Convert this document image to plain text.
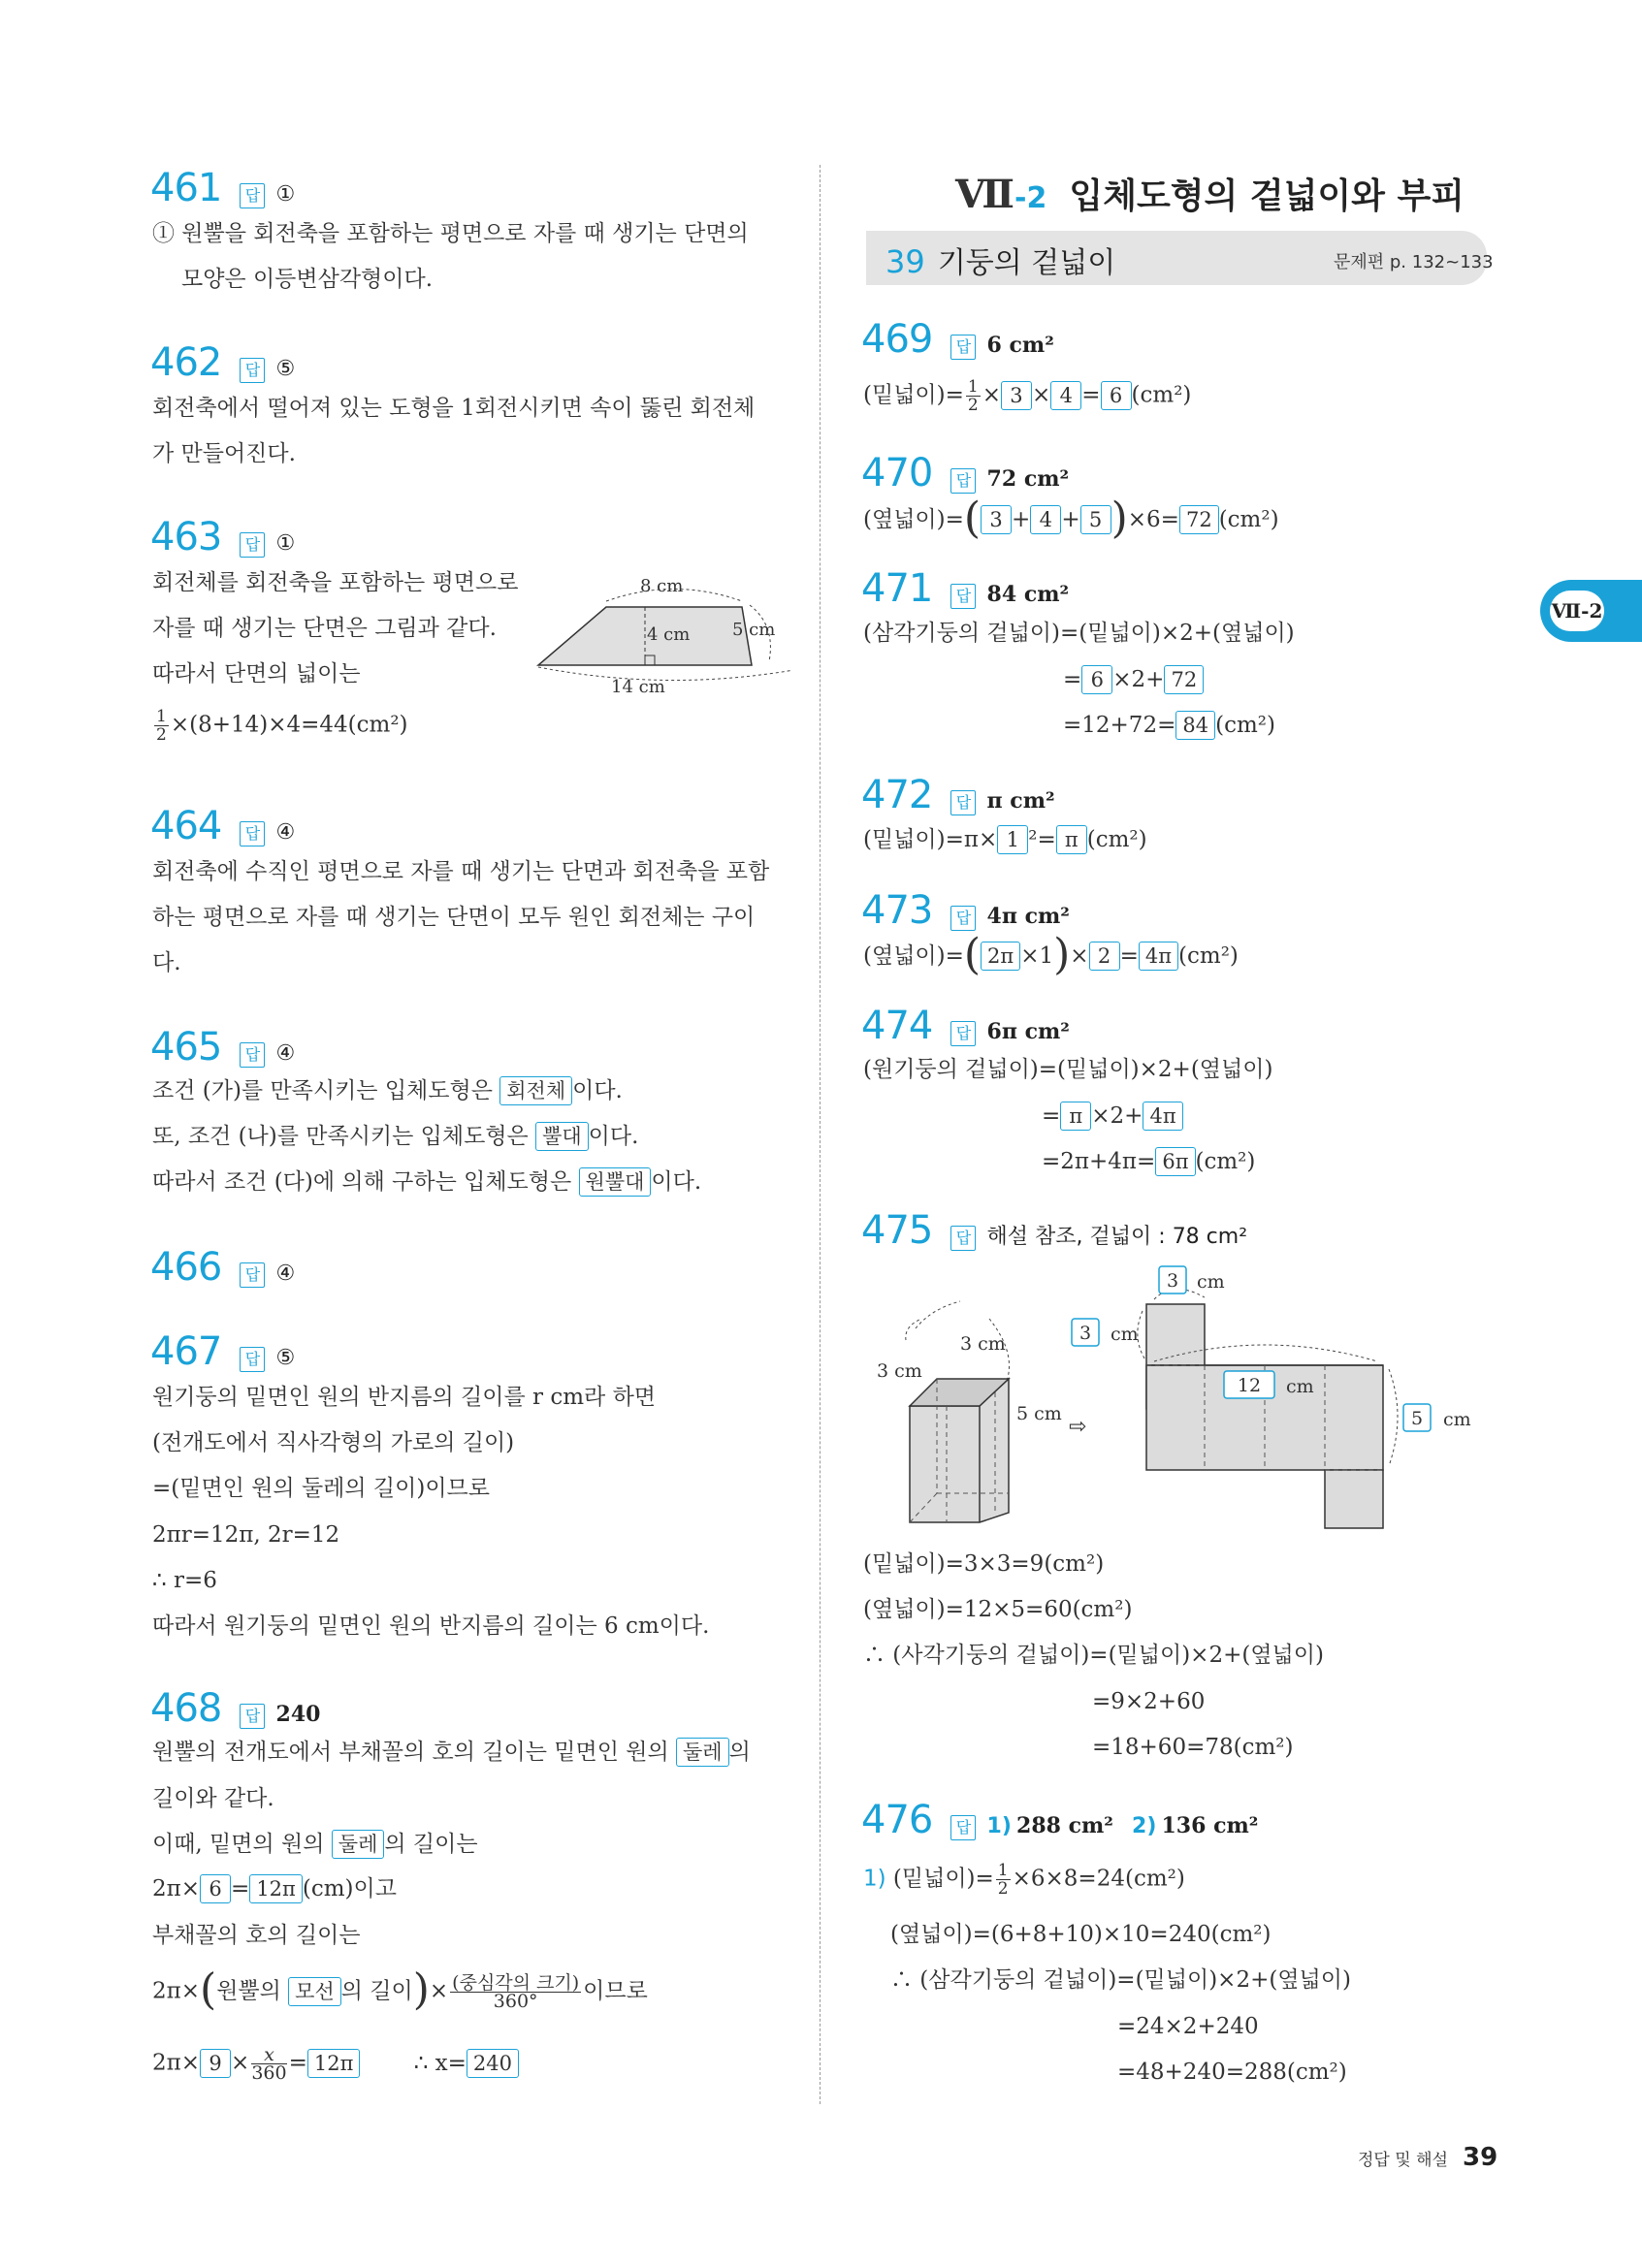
461 답 ①
① 원뿔을 회전축을 포함하는 평면으로 자를 때 생기는 단면의
모양은 이등변삼각형이다.
462 답 ⑤
회전축에서 떨어져 있는 도형을 1회전시키면 속이 뚫린 회전체
가 만들어진다.
463 답 ①
회전체를 회전축을 포함하는 평면으로
자를 때 생기는 단면은 그림과 같다.
따라서 단면의 넓이는
$\frac{1}{2} \times(8+14)\times 4=44(cm^2)$
8 cm
4 cm 5 cm
14 cm
464 답 ④
회전축에 수직인 평면으로 자를 때 생기는 단면과 회전축을 포함
하는 평면으로 자를 때 생기는 단면이 모두 원인 회전체는 구이
다.
465 답 ④
조건 (가)를 만족시키는 입체도형은 회전체 이다.
또, 조건 (나)를 만족시키는 입체도형은 뿔대 이다.
따라서 조건 (다)에 의해 구하는 입체도형은 원뿔대 이다.
466 답 ④
467 답 ⑤
원기둥의 밑면인 원의 반지름의 길이를 r cm라 하면
(전개도에서 직사각형의 가로의 길이)
=(밑면인 원의 둘레의 길이)이므로
2πr=12π, 2r=12
∴ r=6
따라서 원기둥의 밑면인 원의 반지름의 길이는 6 cm이다.
468 답 240
원뿔의 전개도에서 부채꼴의 호의 길이는 밑면인 원의 둘레 의
길이와 같다.
이때, 밑면의 원의 둘레 의 길이는
2π× 6 = 12π (cm)이고
부채꼴의 호의 길이는
2π×(원뿔의 모선 의 길이)× $\frac{\text{(중심각의 크기)}}{360^\circ}$ 이므로
$2\pi\times 9 \times \frac{x}{360} = 12\pi$	∴ x= 240
Ⅶ-2 입체도형의 겉넓이와 부피
39 기둥의 겉넓이	문제편 p. 132~133
Ⅶ-2
469 답 6 cm²
(밑넓이)= $\frac{1}{2} \times 3 \times 4 = 6$ (cm²)
470 답 72 cm²
(옆넓이)=( 3 + 4 + 5 )×6= 72 (cm²)
471 답 84 cm²
(삼각기둥의 겉넓이)=(밑넓이)×2+(옆넓이)
= 6 ×2+ 72
=12+72= 84 (cm²)
472 답 π cm²
(밑넓이)=π× 1 ²= π (cm²)
473 답 4π cm²
(옆넓이)=( 2π ×1)× 2 = 4π (cm²)
474 답 6π cm²
(원기둥의 겉넓이)=(밑넓이)×2+(옆넓이)
= π ×2+ 4π
=2π+4π= 6π (cm²)
475 답 해설 참조, 겉넓이 : 78 cm²
3 cm
3 cm
5 cm
⇨
3 cm
3 cm
12 cm
5 cm
(밑넓이)=3×3=9(cm²)
(옆넓이)=12×5=60(cm²)
∴ (사각기둥의 겉넓이)=(밑넓이)×2+(옆넓이)
=9×2+60
=18+60=78(cm²)
476 답 1) 288 cm² 2) 136 cm²
1) (밑넓이)= $\frac{1}{2} \times 6\times 8=24(cm^2)$
(옆넓이)=(6+8+10)×10=240(cm²)
∴ (삼각기둥의 겉넓이)=(밑넓이)×2+(옆넓이)
=24×2+240
=48+240=288(cm²)
정답 및 해설 39
